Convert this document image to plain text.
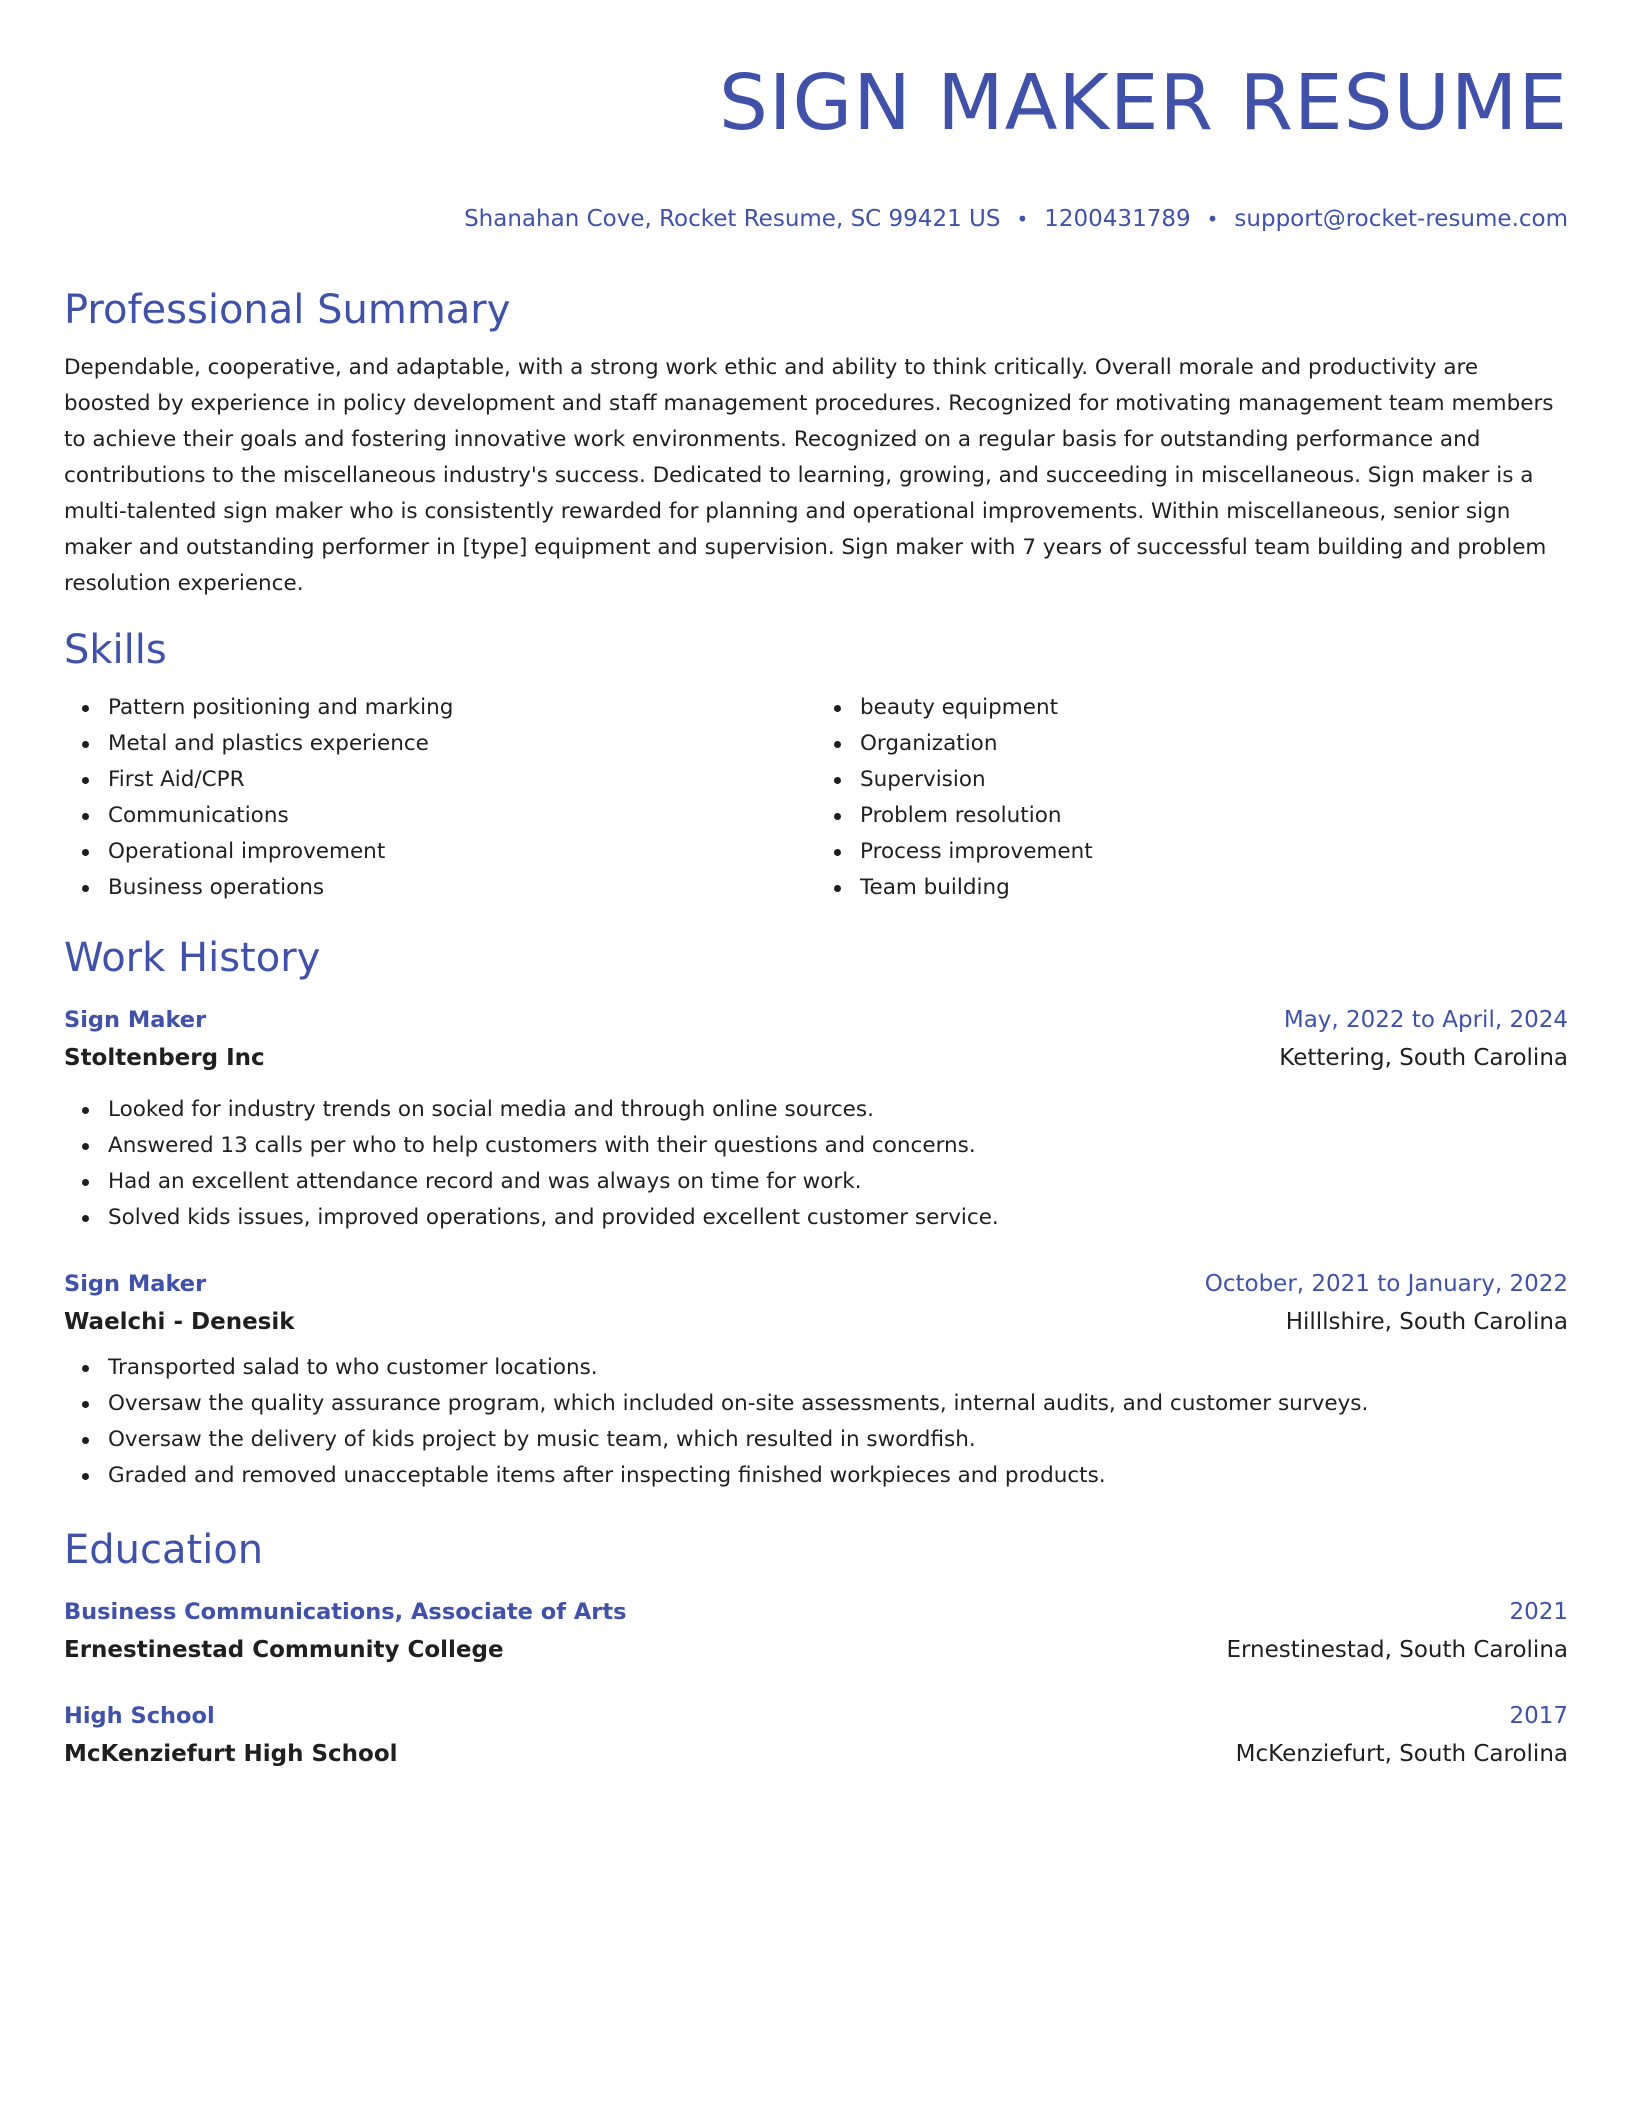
SIGN MAKER RESUME
Shanahan Cove, Rocket Resume, SC 99421 US • 1200431789 • support@rocket-resume.com
Professional Summary
Dependable, cooperative, and adaptable, with a strong work ethic and ability to think critically. Overall morale and productivity are boosted by experience in policy development and staff management procedures. Recognized for motivating management team members to achieve their goals and fostering innovative work environments. Recognized on a regular basis for outstanding performance and contributions to the miscellaneous industry's success. Dedicated to learning, growing, and succeeding in miscellaneous. Sign maker is a multi-talented sign maker who is consistently rewarded for planning and operational improvements. Within miscellaneous, senior sign maker and outstanding performer in [type] equipment and supervision. Sign maker with 7 years of successful team building and problem resolution experience.
Skills
Pattern positioning and marking
Metal and plastics experience
First Aid/CPR
Communications
Operational improvement
Business operations
beauty equipment
Organization
Supervision
Problem resolution
Process improvement
Team building
Work History
Sign Maker	May, 2022 to April, 2024
Stoltenberg Inc	Kettering, South Carolina
Looked for industry trends on social media and through online sources.
Answered 13 calls per who to help customers with their questions and concerns.
Had an excellent attendance record and was always on time for work.
Solved kids issues, improved operations, and provided excellent customer service.
Sign Maker	October, 2021 to January, 2022
Waelchi - Denesik	Hilllshire, South Carolina
Transported salad to who customer locations.
Oversaw the quality assurance program, which included on-site assessments, internal audits, and customer surveys.
Oversaw the delivery of kids project by music team, which resulted in swordfish.
Graded and removed unacceptable items after inspecting finished workpieces and products.
Education
Business Communications, Associate of Arts	2021
Ernestinestad Community College	Ernestinestad, South Carolina
High School	2017
McKenziefurt High School	McKenziefurt, South Carolina
